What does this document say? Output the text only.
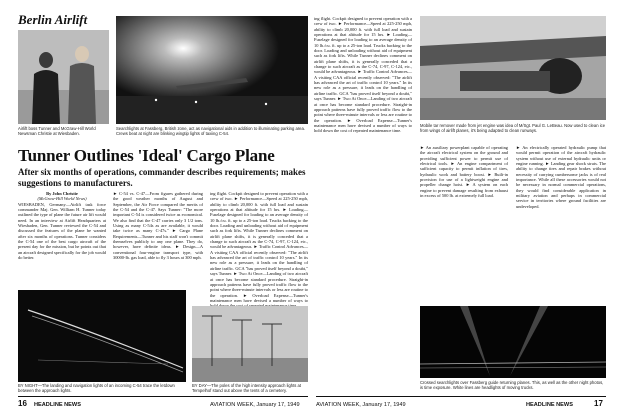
Berlin Airlift
Airlift boss Tunner and McGraw-Hill World Newsman Christie at Wiesbaden.
Searchlights at Fassberg, British zone, act as navigational aids in addition to illuminating parking area. Crews beat at night are blinking wingtip lights of taxiing C-54.
Tunner Outlines 'Ideal' Cargo Plane
After six months of operations, commander describes requirements; makes suggestions to manufacturers.

By John Christie

(McGraw-Hill World News)

WIESBADEN, Germany—Airlift task force commander Maj. Gen. William H. Tunner today outlined the type of plane the future air lift would need. In an interview at Airlift Headquarters at Wiesbaden, Gen. Tunner reviewed the C-54 and discussed the features of the plane he wanted after six months of operations. Tunner considers the C-54 one of the best cargo aircraft of the present day for the mission, but he points out that an aircraft designed specifically for the job would do better.

► C-54 vs. C-47—From figures gathered during the good weather months of August and September, the Air Force compared the merits of the C-54 and the C-47. Says Tunner: "The more important C-54 is considered twice as economical. We also find that the C-47 carries only 3 1/2 tons. Using as many C-54s as are available, it would take twice as many C-47s." ► Cargo Plane Requirements—Tunner and his staff won't commit themselves publicly to any one plane. They do, however, have definite ideas. ► Design—A conventional four-engine transport type, with 30000-lb. gas load, able to fly 3 hours at 300 mph.

ing flight. Cockpit designed to prevent operation with a crew of two. ► Performance—Speed at 225-250 mph, ability to climb 20,000 ft. with full load and sustain operations at that altitude for 15 hrs. ► Loading—Fuselage designed for loading to an average density of 10 lb./cu. ft. up to a 25-ton load. Trucks backing to the door. Loading and unloading without aid of equipment such as fork lifts. While Tunner declines comment on airlift plane shifts, it is generally conceded that a change to such aircraft as the C-74, C-97, C-124, etc., would be advantageous. ► Traffic Control Advances—A visiting CAA official recently observed: "The airlift has advanced the art of traffic control 10 years." In its new role as a pressure, it leads on the handling of airline traffic. GCA "has proved itself beyond a doubt," says Tunner. ► Two At Once—Landing of two aircraft at once has become standard procedure. Straight-in approach patterns have fully proved traffic flow to the point where three-minute intervals or less are routine to the operation. ► Overload Expense—Tunner's maintenance men have devised a number of ways to

ing flight. Cockpit designed to prevent operation with a crew of two. ► Performance—Speed at 225-250 mph, ability to climb 20,000 ft. with full load and sustain operations at that altitude for 15 hrs. ► Loading—Fuselage designed for loading to an average density of 10 lb./cu. ft. up to a 25-ton load. Trucks backing to the door. Loading and unloading without aid of equipment such as fork lifts. While Tunner declines comment on airlift plane shifts, it is generally conceded that a change to such aircraft as the C-74, C-97, C-124, etc., would be advantageous. ► Traffic Control Advances—A visiting CAA official recently observed: "The airlift has advanced the art of traffic control 10 years." In its new role as a pressure, it leads on the handling of airline traffic. GCA "has proved itself beyond a doubt," says Tunner. ► Two At Once—Landing of two aircraft at once has become standard procedure. Straight-in approach patterns have fully proved traffic flow to the point where three-minute intervals or less are routine to the operation. ► Overload Expense—Tunner's maintenance men have devised a number of ways to hold down the cost of repeated maintenance time.

BY NIGHT—The landing and navigation lights of an incoming C-54 trace the letdown between the approach lights.
BY DAY—The poles of the high intensity approach lights at Tempelhof stand out above the tents of a cemetery.
Mobile tar remover made from jet engine was idea of M/Sgt. Paul G. LeBeau. Now used to clean ice from wings of airlift planes, it's being adapted to clean runways.

► An auxiliary powerplant capable of operating the aircraft electrical system on the ground and providing sufficient power to permit use of electrical tools. ► An engine compartment of sufficient capacity to permit inflation of tires, hydraulic work and battery boost. ► Built-in provision for use of a lightweight engine and propeller change hoist. ► A system on each engine to prevent damage resulting from exhaust in excess of 500 lb. at extremely full load.

► An electrically operated hydraulic pump that would permit operation of the aircraft hydraulic system without use of external hydraulic units or engine running. ► Landing gear shock struts. The ability to change tires and repair brakes without necessity of carrying cumbersome jacks is of real importance. While all these accessories would not be necessary in normal commercial operations, they would find considerable application in military aviation and perhaps in commercial service in territories where ground facilities are undeveloped.

Crossed searchlights over Fassberg guide returning planes. This, as well as the other night photos, is time exposure. White lines are headlights of moving trucks.
16 HEADLINE NEWS	AVIATION WEEK, January 17, 1949	AVIATION WEEK, January 17, 1949	HEADLINE NEWS	17
